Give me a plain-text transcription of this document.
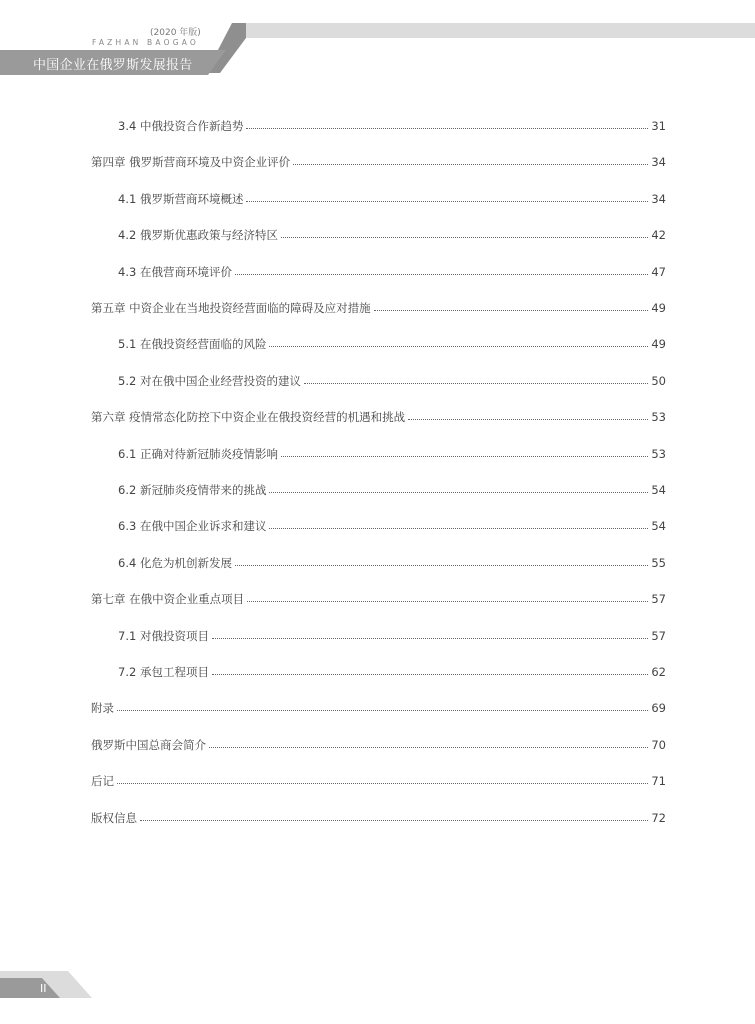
(2020 年版)
FAZHAN BAOGAO
中国企业在俄罗斯发展报告
3.4 中俄投资合作新趋势	31
第四章 俄罗斯营商环境及中资企业评价	34
4.1 俄罗斯营商环境概述	34
4.2 俄罗斯优惠政策与经济特区	42
4.3 在俄营商环境评价	47
第五章 中资企业在当地投资经营面临的障碍及应对措施	49
5.1 在俄投资经营面临的风险	49
5.2 对在俄中国企业经营投资的建议	50
第六章 疫情常态化防控下中资企业在俄投资经营的机遇和挑战	53
6.1 正确对待新冠肺炎疫情影响	53
6.2 新冠肺炎疫情带来的挑战	54
6.3 在俄中国企业诉求和建议	54
6.4 化危为机创新发展	55
第七章 在俄中资企业重点项目	57
7.1 对俄投资项目	57
7.2 承包工程项目	62
附录	69
俄罗斯中国总商会简介	70
后记	71
版权信息	72
II
